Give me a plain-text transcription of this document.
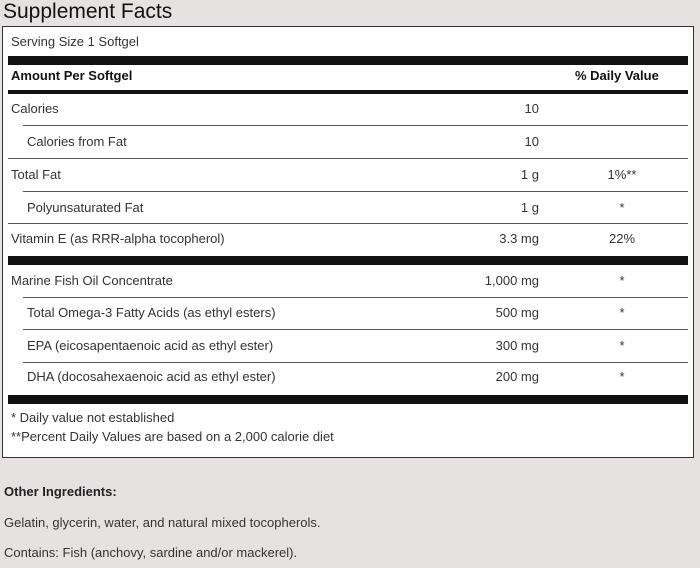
Supplement Facts
Serving Size 1 Softgel
Amount Per Softgel	% Daily Value
Calories	10
Calories from Fat	10
Total Fat	1 g	1%**
Polyunsaturated Fat	1 g	*
Vitamin E (as RRR-alpha tocopherol)	3.3 mg	22%
Marine Fish Oil Concentrate	1,000 mg	*
Total Omega-3 Fatty Acids (as ethyl esters)	500 mg	*
EPA (eicosapentaenoic acid as ethyl ester)	300 mg	*
DHA (docosahexaenoic acid as ethyl ester)	200 mg	*
* Daily value not established
**Percent Daily Values are based on a 2,000 calorie diet
Other Ingredients:
Gelatin, glycerin, water, and natural mixed tocopherols.
Contains: Fish (anchovy, sardine and/or mackerel).
